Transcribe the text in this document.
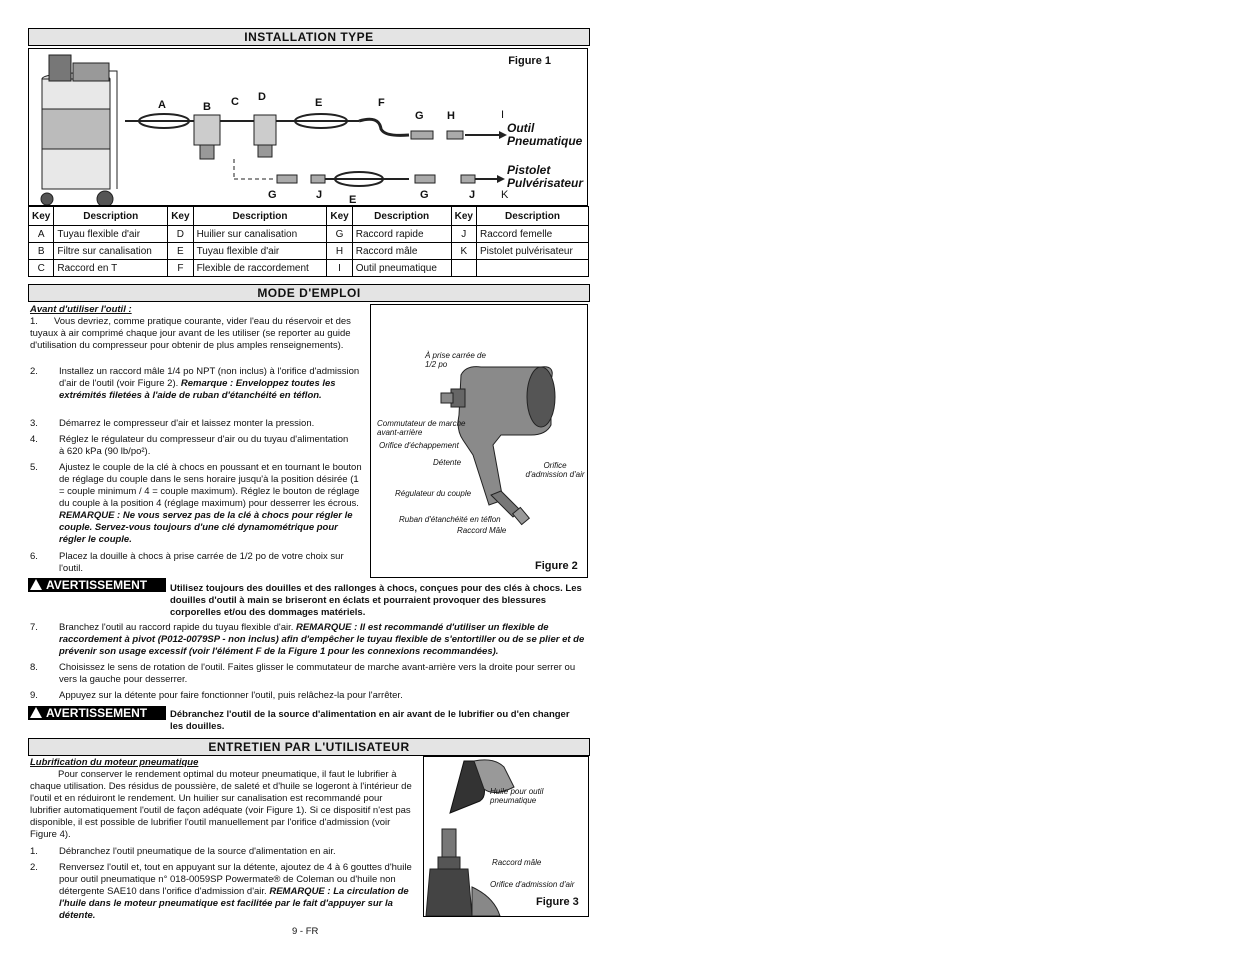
INSTALLATION TYPE
Figure 1
A	B C D	E	F
G H	I
Outil Pneumatique
Pistolet Pulvérisateur
G	J E	G	J K
Key	Description	Key	Description	Key	Description	Key	Description
A	Tuyau flexible d'air	D	Huilier sur canalisation	G	Raccord rapide	J	Raccord femelle
B	Filtre sur canalisation	E	Tuyau flexible d'air	H	Raccord mâle	K	Pistolet pulvérisateur
C	Raccord en T	F	Flexible de raccordement	I	Outil pneumatique		
MODE D'EMPLOI
Avant d'utiliser l'outil :
1. Vous devriez, comme pratique courante, vider l'eau du réservoir et des tuyaux à air comprimé chaque jour avant de les utiliser (se reporter au guide d'utilisation du compresseur pour obtenir de plus amples renseignements).
2. Installez un raccord mâle 1/4 po NPT (non inclus) à l'orifice d'admission d'air de l'outil (voir Figure 2). Remarque : Enveloppez toutes les extrémités filetées à l'aide de ruban d'étanchéité en téflon.
3. Démarrez le compresseur d'air et laissez monter la pression.
4. Réglez le régulateur du compresseur d'air ou du tuyau d'alimentation à 620 kPa (90 lb/po²).
5. Ajustez le couple de la clé à chocs en poussant et en tournant le bouton de réglage du couple dans le sens horaire jusqu'à la position désirée (1 = couple minimum / 4 = couple maximum). Réglez le bouton de réglage du couple à la position 4 (réglage maximum) pour desserrer les écrous. REMARQUE : Ne vous servez pas de la clé à chocs pour régler le couple. Servez-vous toujours d'une clé dynamométrique pour régler le couple.
6. Placez la douille à chocs à prise carrée de 1/2 po de votre choix sur l'outil.
À prise carrée de 1/2 po
Commutateur de marche avant-arrière
Orifice d'échappement
Détente	Orifice d'admission d'air
Régulateur du couple
Ruban d'étanchéité en téflon
Raccord Mâle
Figure 2
AVERTISSEMENT	Utilisez toujours des douilles et des rallonges à chocs, conçues pour des clés à chocs. Les douilles d'outil à main se briseront en éclats et pourraient provoquer des blessures corporelles et/ou des dommages matériels.
7. Branchez l'outil au raccord rapide du tuyau flexible d'air. REMARQUE : Il est recommandé d'utiliser un flexible de raccordement à pivot (P012-0079SP - non inclus) afin d'empêcher le tuyau flexible de s'entortiller ou de se plier et de prévenir son usage excessif (voir l'élément F de la Figure 1 pour les connexions recommandées).
8. Choisissez le sens de rotation de l'outil. Faites glisser le commutateur de marche avant-arrière vers la droite pour serrer ou vers la gauche pour desserrer.
9. Appuyez sur la détente pour faire fonctionner l'outil, puis relâchez-la pour l'arrêter.
AVERTISSEMENT	Débranchez l'outil de la source d'alimentation en air avant de le lubrifier ou d'en changer les douilles.
ENTRETIEN PAR L'UTILISATEUR
Lubrification du moteur pneumatique
Pour conserver le rendement optimal du moteur pneumatique, il faut le lubrifier à chaque utilisation. Des résidus de poussière, de saleté et d'huile se logeront à l'intérieur de l'outil et en réduiront le rendement. Un huilier sur canalisation est recommandé pour lubrifier automatiquement l'outil de façon adéquate (voir Figure 1). Si ce dispositif n'est pas disponible, il est possible de lubrifier l'outil manuellement par l'orifice d'admission (voir Figure 4).
1. Débranchez l'outil pneumatique de la source d'alimentation en air.
2. Renversez l'outil et, tout en appuyant sur la détente, ajoutez de 4 à 6 gouttes d'huile pour outil pneumatique n° 018-0059SP Powermate® de Coleman ou d'huile non détergente SAE10 dans l'orifice d'admission d'air. REMARQUE : La circulation de l'huile dans le moteur pneumatique est facilitée par le fait d'appuyer sur la détente.
Huile pour outil pneumatique
Raccord mâle
Orifice d'admission d'air
Figure 3
9 - FR
